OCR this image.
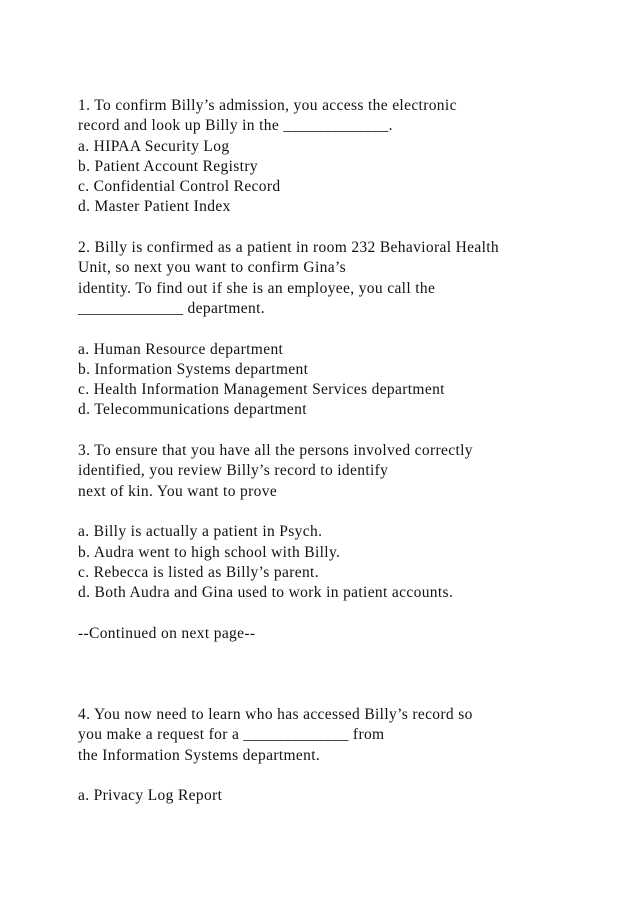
1. To confirm Billy’s admission, you access the electronic
record and look up Billy in the _____________.
a. HIPAA Security Log
b. Patient Account Registry
c. Confidential Control Record
d. Master Patient Index
2. Billy is confirmed as a patient in room 232 Behavioral Health
Unit, so next you want to confirm Gina’s
identity. To find out if she is an employee, you call the
_____________ department.
a. Human Resource department
b. Information Systems department
c. Health Information Management Services department
d. Telecommunications department
3. To ensure that you have all the persons involved correctly
identified, you review Billy’s record to identify
next of kin. You want to prove
a. Billy is actually a patient in Psych.
b. Audra went to high school with Billy.
c. Rebecca is listed as Billy’s parent.
d. Both Audra and Gina used to work in patient accounts.
--Continued on next page--
4. You now need to learn who has accessed Billy’s record so
you make a request for a _____________ from
the Information Systems department.
a. Privacy Log Report
